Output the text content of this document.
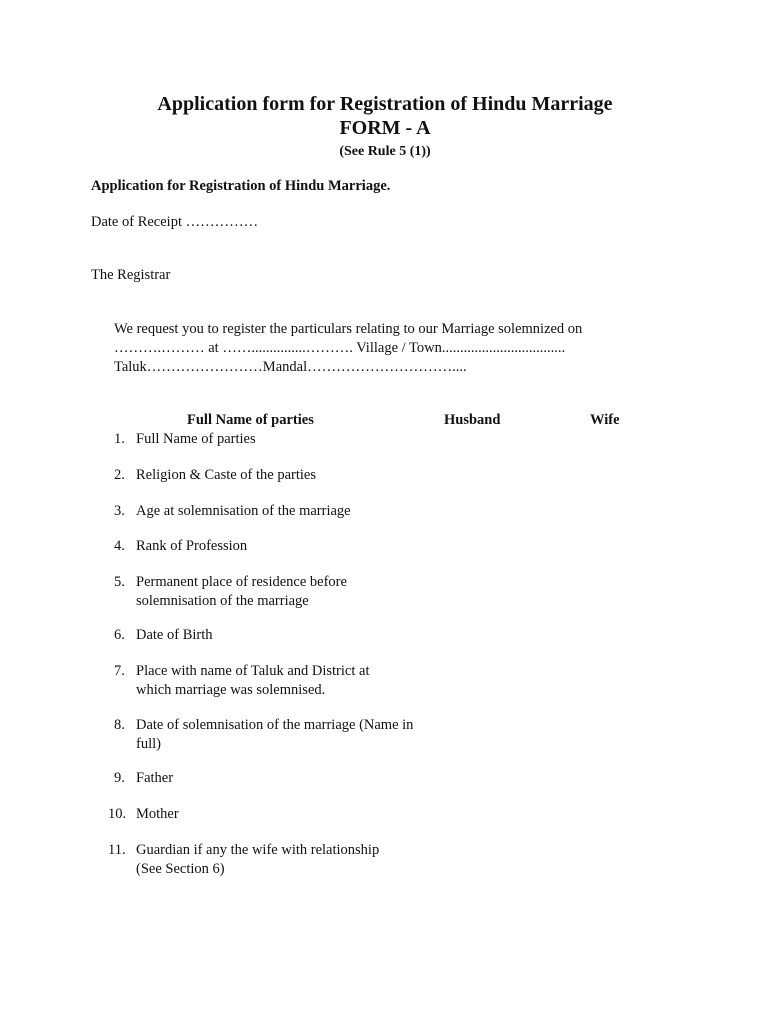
Application form for Registration of Hindu Marriage
FORM - A
(See Rule 5 (1))
Application for Registration of Hindu Marriage.
Date of Receipt ……………
The Registrar
We request you to register the particulars relating to our Marriage solemnized on
……….……… at ……...............………. Village / Town..................................
Taluk……………………Mandal…………………………....
Full Name of parties	Husband	Wife
1. Full Name of parties
2. Religion & Caste of the parties
3. Age at solemnisation of the marriage
4. Rank of Profession
5. Permanent place of residence before solemnisation of the marriage
6. Date of Birth
7. Place with name of Taluk and District at which marriage was solemnised.
8. Date of solemnisation of the marriage (Name in full)
9. Father
10. Mother
11. Guardian if any the wife with relationship (See Section 6)
